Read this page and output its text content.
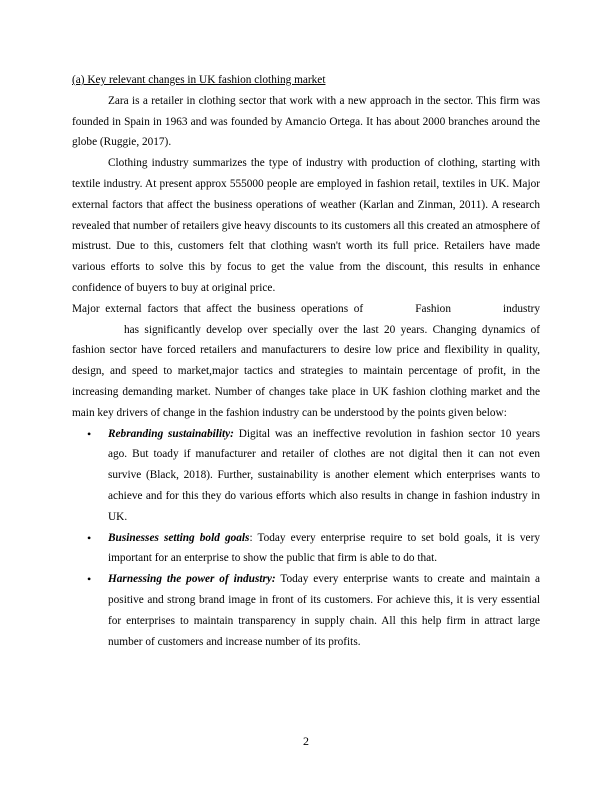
(a) Key relevant changes in UK fashion clothing market

Zara is a retailer in clothing sector that work with a new approach in the sector. This firm was founded in Spain in 1963 and was founded by Amancio Ortega. It has about 2000 branches around the globe (Ruggie, 2017).

Clothing industry summarizes the type of industry with production of clothing, starting with textile industry. At present approx 555000 people are employed in fashion retail, textiles in UK. Major external factors that affect the business operations of weather (Karlan and Zinman, 2011). A research revealed that number of retailers give heavy discounts to its customers all this created an atmosphere of mistrust. Due to this, customers felt that clothing wasn't worth its full price. Retailers have made various efforts to solve this by focus to get the value from the discount, this results in enhance confidence of buyers to buy at original price.

Major external factors that affect the business operations of	Fashion	industryhas significantly develop over specially over the last 20 years. Changing dynamics of fashion sector have forced retailers and manufacturers to desire low price and flexibility in quality, design, and speed to market,major tactics and strategies to maintain percentage of profit, in the increasing demanding market. Number of changes take place in UK fashion clothing market and the main key drivers of change in the fashion industry can be understood by the points given below:

• Rebranding sustainability: Digital was an ineffective revolution in fashion sector 10 years ago. But toady if manufacturer and retailer of clothes are not digital then it can not even survive (Black, 2018). Further, sustainability is another element which enterprises wants to achieve and for this they do various efforts which also results in change in fashion industry in UK.
• Businesses setting bold goals: Today every enterprise require to set bold goals, it is very important for an enterprise to show the public that firm is able to do that.
• Harnessing the power of industry: Today every enterprise wants to create and maintain a positive and strong brand image in front of its customers. For achieve this, it is very essential for enterprises to maintain transparency in supply chain. All this help firm in attract large number of customers and increase number of its profits.
2
